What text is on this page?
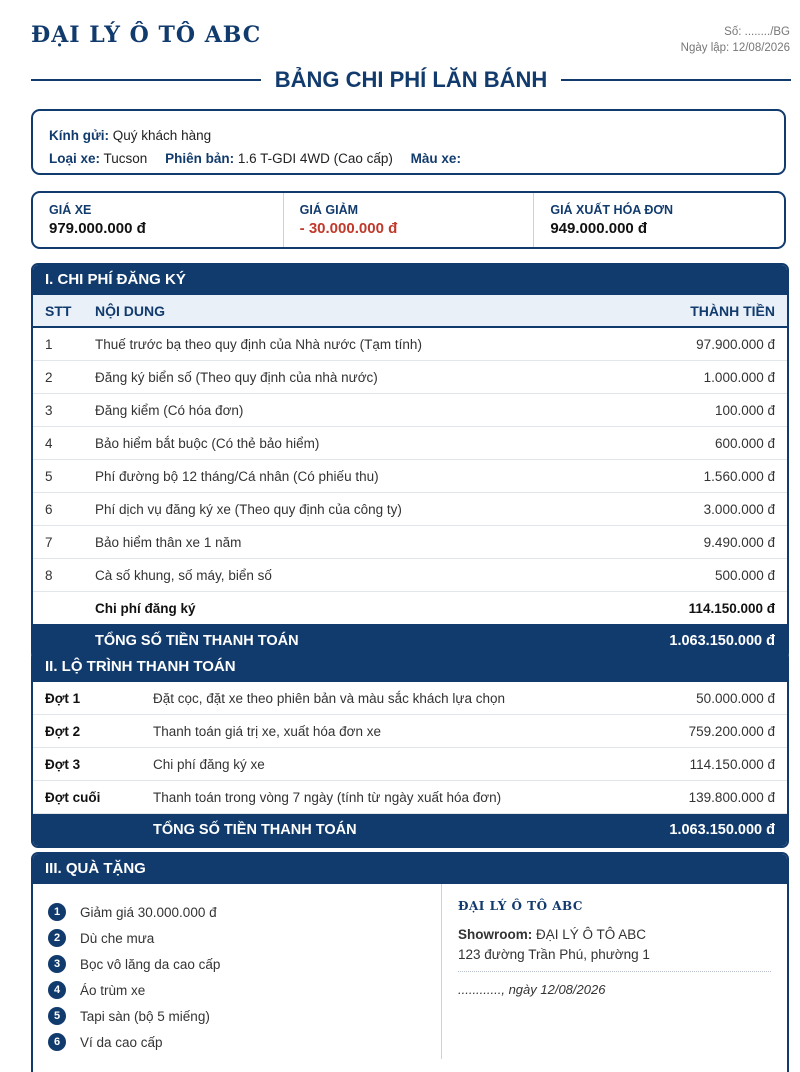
ĐẠI LÝ Ô TÔ ABC	Số: ......../BG
Ngày lập: 12/08/2026
BẢNG CHI PHÍ LĂN BÁNH
Kính gửi: Quý khách hàng
Loại xe: Tucson Phiên bản: 1.6 T-GDI 4WD (Cao cấp) Màu xe:
GIÁ XE
979.000.000 đ
GIÁ GIẢM
- 30.000.000 đ
GIÁ XUẤT HÓA ĐƠN
949.000.000 đ
I. CHI PHÍ ĐĂNG KÝ
STT	NỘI DUNG	THÀNH TIỀN
1	Thuế trước bạ theo quy định của Nhà nước (Tạm tính)	97.900.000 đ
2	Đăng ký biển số (Theo quy định của nhà nước)	1.000.000 đ
3	Đăng kiểm (Có hóa đơn)	100.000 đ
4	Bảo hiểm bắt buộc (Có thẻ bảo hiểm)	600.000 đ
5	Phí đường bộ 12 tháng/Cá nhân (Có phiếu thu)	1.560.000 đ
6	Phí dịch vụ đăng ký xe (Theo quy định của công ty)	3.000.000 đ
7	Bảo hiểm thân xe 1 năm	9.490.000 đ
8	Cà số khung, số máy, biển số	500.000 đ
	Chi phí đăng ký	114.150.000 đ
	TỔNG SỐ TIỀN THANH TOÁN	1.063.150.000 đ
II. LỘ TRÌNH THANH TOÁN
Đợt 1	Đặt cọc, đặt xe theo phiên bản và màu sắc khách lựa chọn	50.000.000 đ
Đợt 2	Thanh toán giá trị xe, xuất hóa đơn xe	759.200.000 đ
Đợt 3	Chi phí đăng ký xe	114.150.000 đ
Đợt cuối	Thanh toán trong vòng 7 ngày (tính từ ngày xuất hóa đơn)	139.800.000 đ
	TỔNG SỐ TIỀN THANH TOÁN	1.063.150.000 đ
III. QUÀ TẶNG
1	Giảm giá 30.000.000 đ
2	Dù che mưa
3	Bọc vô lăng da cao cấp
4	Áo trùm xe
5	Tapi sàn (bộ 5 miếng)
6	Ví da cao cấp
ĐẠI LÝ Ô TÔ ABC
Showroom: ĐẠI LÝ Ô TÔ ABC
123 đường Trần Phú, phường 1
............, ngày 12/08/2026
